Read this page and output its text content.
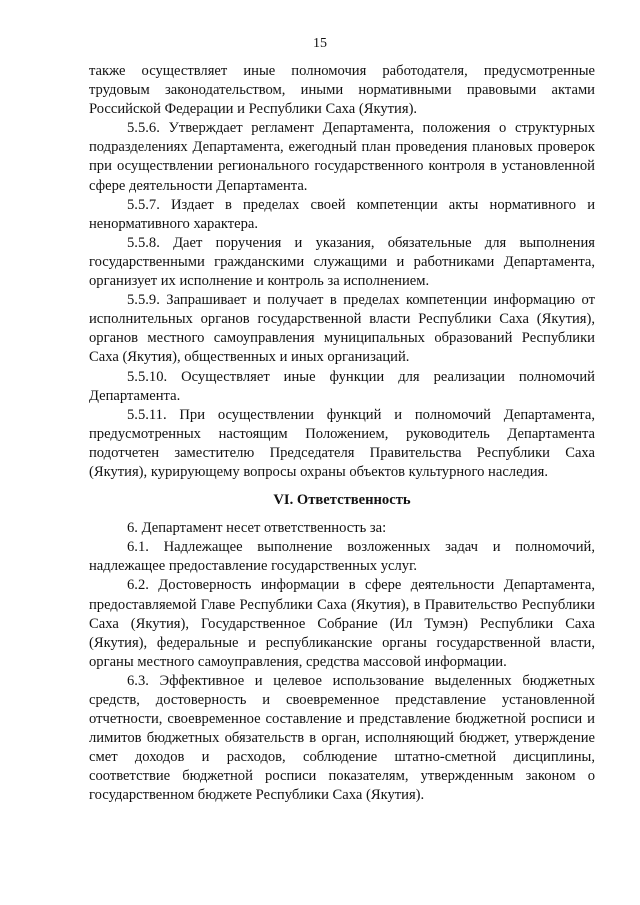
15

также осуществляет иные полномочия работодателя, предусмотренные трудовым законодательством, иными нормативными правовыми актами Российской Федерации и Республики Саха (Якутия).

5.5.6. Утверждает регламент Департамента, положения о структурных подразделениях Департамента, ежегодный план проведения плановых проверок при осуществлении регионального государственного контроля в установленной сфере деятельности Департамента.

5.5.7. Издает в пределах своей компетенции акты нормативного и ненормативного характера.

5.5.8. Дает поручения и указания, обязательные для выполнения государственными гражданскими служащими и работниками Департамента, организует их исполнение и контроль за исполнением.

5.5.9. Запрашивает и получает в пределах компетенции информацию от исполнительных органов государственной власти Республики Саха (Якутия), органов местного самоуправления муниципальных образований Республики Саха (Якутия), общественных и иных организаций.

5.5.10. Осуществляет иные функции для реализации полномочий Департамента.

5.5.11. При осуществлении функций и полномочий Департамента, предусмотренных настоящим Положением, руководитель Департамента подотчетен заместителю Председателя Правительства Республики Саха (Якутия), курирующему вопросы охраны объектов культурного наследия.

VI. Ответственность

6. Департамент несет ответственность за:

6.1. Надлежащее выполнение возложенных задач и полномочий, надлежащее предоставление государственных услуг.

6.2. Достоверность информации в сфере деятельности Департамента, предоставляемой Главе Республики Саха (Якутия), в Правительство Республики Саха (Якутия), Государственное Собрание (Ил Тумэн) Республики Саха (Якутия), федеральные и республиканские органы государственной власти, органы местного самоуправления, средства массовой информации.

6.3. Эффективное и целевое использование выделенных бюджетных средств, достоверность и своевременное представление установленной отчетности, своевременное составление и представление бюджетной росписи и лимитов бюджетных обязательств в орган, исполняющий бюджет, утверждение смет доходов и расходов, соблюдение штатно-сметной дисциплины, соответствие бюджетной росписи показателям, утвержденным законом о государственном бюджете Республики Саха (Якутия).
